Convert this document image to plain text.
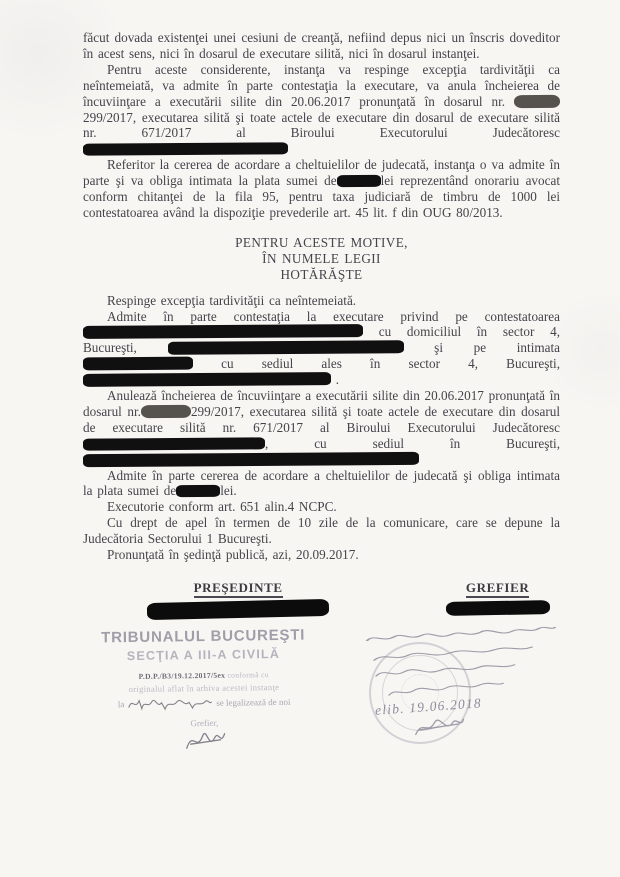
făcut dovada existenţei unei cesiuni de creanţă, nefiind depus nici un înscris doveditor în acest sens, nici în dosarul de executare silită, nici în dosarul instanţei.

Pentru aceste considerente, instanţa va respinge excepţia tardivităţii ca neîntemeiată, va admite în parte contestaţia la executare, va anula încheierea de încuviinţare a executării silite din 20.06.2017 pronunţată în dosarul nr. 299/2017, executarea silită şi toate actele de executare din dosarul de executare silită nr. 671/2017 al Biroului Executorului Judecătoresc

Referitor la cererea de acordare a cheltuielilor de judecată, instanţa o va admite în parte şi va obliga intimata la plata sumei de	lei reprezentând onorariu avocat conform chitanţei de la fila 95, pentru taxa judiciară de timbru de 1000 lei contestatoarea având la dispoziţie prevederile art. 45 lit. f din OUG 80/2013.

PENTRU ACESTE MOTIVE,

ÎN NUMELE LEGII

HOTĂRĂŞTE

Respinge excepţia tardivităţii ca neîntemeiată.

Admite în parte contestaţia la executare privind pe contestatoarea  cu domiciliul în sector 4, Bucureşti,	şi pe intimata  cu sediul ales în sector 4, Bucureşti,  .

Anulează încheierea de încuviinţare a executării silite din 20.06.2017 pronunţată în dosarul nr.	299/2017, executarea silită şi toate actele de executare din dosarul de executare silită nr. 671/2017 al Biroului Executorului Judecătoresc , cu sediul în Bucureşti,

Admite în parte cererea de acordare a cheltuielilor de judecată şi obliga intimata la plata sumei de	lei.

Executorie conform art. 651 alin.4 NCPC.

Cu drept de apel în termen de 10 zile de la comunicare, care se depune la Judecătoria Sectorului 1 Bucureşti.

Pronunţată în şedinţă publică, azi, 20.09.2017.

PREŞEDINTE	GREFIER
TRIBUNALUL BUCUREŞTI
SECŢIA A III-A CIVILĂ
P.D.P./B3/19.12.2017/5ex conformă cu
originalul aflat în arhiva acestei instanţe
la	se legalizează de noi
Grefier,
elib. 19.06.2018
